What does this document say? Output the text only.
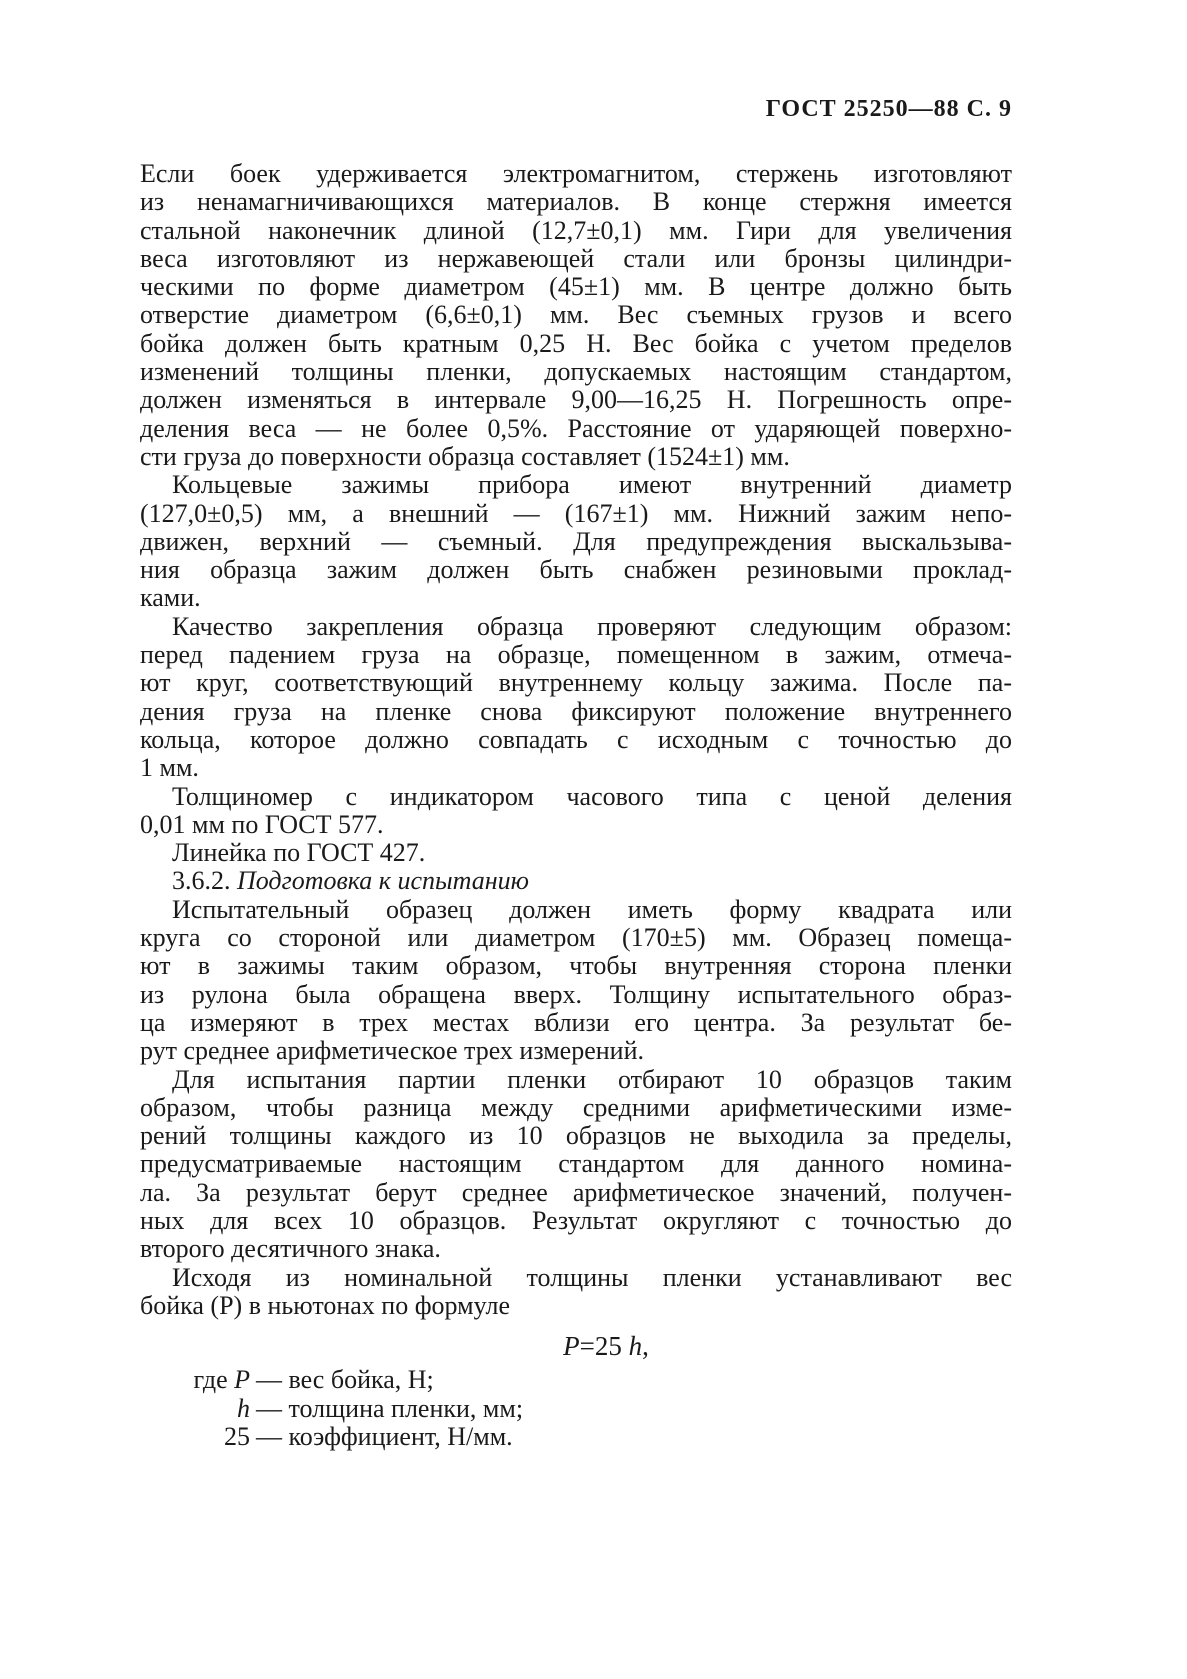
ГОСТ 25250—88 С. 9
Если боек удерживается электромагнитом, стержень изготовляют
из ненамагничивающихся материалов. В конце стержня имеется
стальной наконечник длиной (12,7±0,1) мм. Гири для увеличения
веса изготовляют из нержавеющей стали или бронзы цилиндри-
ческими по форме диаметром (45±1) мм. В центре должно быть
отверстие диаметром (6,6±0,1) мм. Вес съемных грузов и всего
бойка должен быть кратным 0,25 Н. Вес бойка с учетом пределов
изменений толщины пленки, допускаемых настоящим стандартом,
должен изменяться в интервале 9,00—16,25 Н. Погрешность опре-
деления веса — не более 0,5%. Расстояние от ударяющей поверхно-
сти груза до поверхности образца составляет (1524±1) мм.
Кольцевые зажимы прибора имеют внутренний диаметр
(127,0±0,5) мм, а внешний — (167±1) мм. Нижний зажим непо-
движен, верхний — съемный. Для предупреждения выскальзыва-
ния образца зажим должен быть снабжен резиновыми проклад-
ками.
Качество закрепления образца проверяют следующим образом:
перед падением груза на образце, помещенном в зажим, отмеча-
ют круг, соответствующий внутреннему кольцу зажима. После па-
дения груза на пленке снова фиксируют положение внутреннего
кольца, которое должно совпадать с исходным с точностью до
1 мм.
Толщиномер с индикатором часового типа с ценой деления
0,01 мм по ГОСТ 577.
Линейка по ГОСТ 427.
3.6.2. Подготовка к испытанию
Испытательный образец должен иметь форму квадрата или
круга со стороной или диаметром (170±5) мм. Образец помеща-
ют в зажимы таким образом, чтобы внутренняя сторона пленки
из рулона была обращена вверх. Толщину испытательного образ-
ца измеряют в трех местах вблизи его центра. За результат бе-
рут среднее арифметическое трех измерений.
Для испытания партии пленки отбирают 10 образцов таким
образом, чтобы разница между средними арифметическими изме-
рений толщины каждого из 10 образцов не выходила за пределы,
предусматриваемые настоящим стандартом для данного номина-
ла. За результат берут среднее арифметическое значений, получен-
ных для всех 10 образцов. Результат округляют с точностью до
второго десятичного знака.
Исходя из номинальной толщины пленки устанавливают вес
бойка (P) в ньютонах по формуле
P=25 h,
где P — вес бойка, Н;
h — толщина пленки, мм;
25 — коэффициент, Н/мм.
